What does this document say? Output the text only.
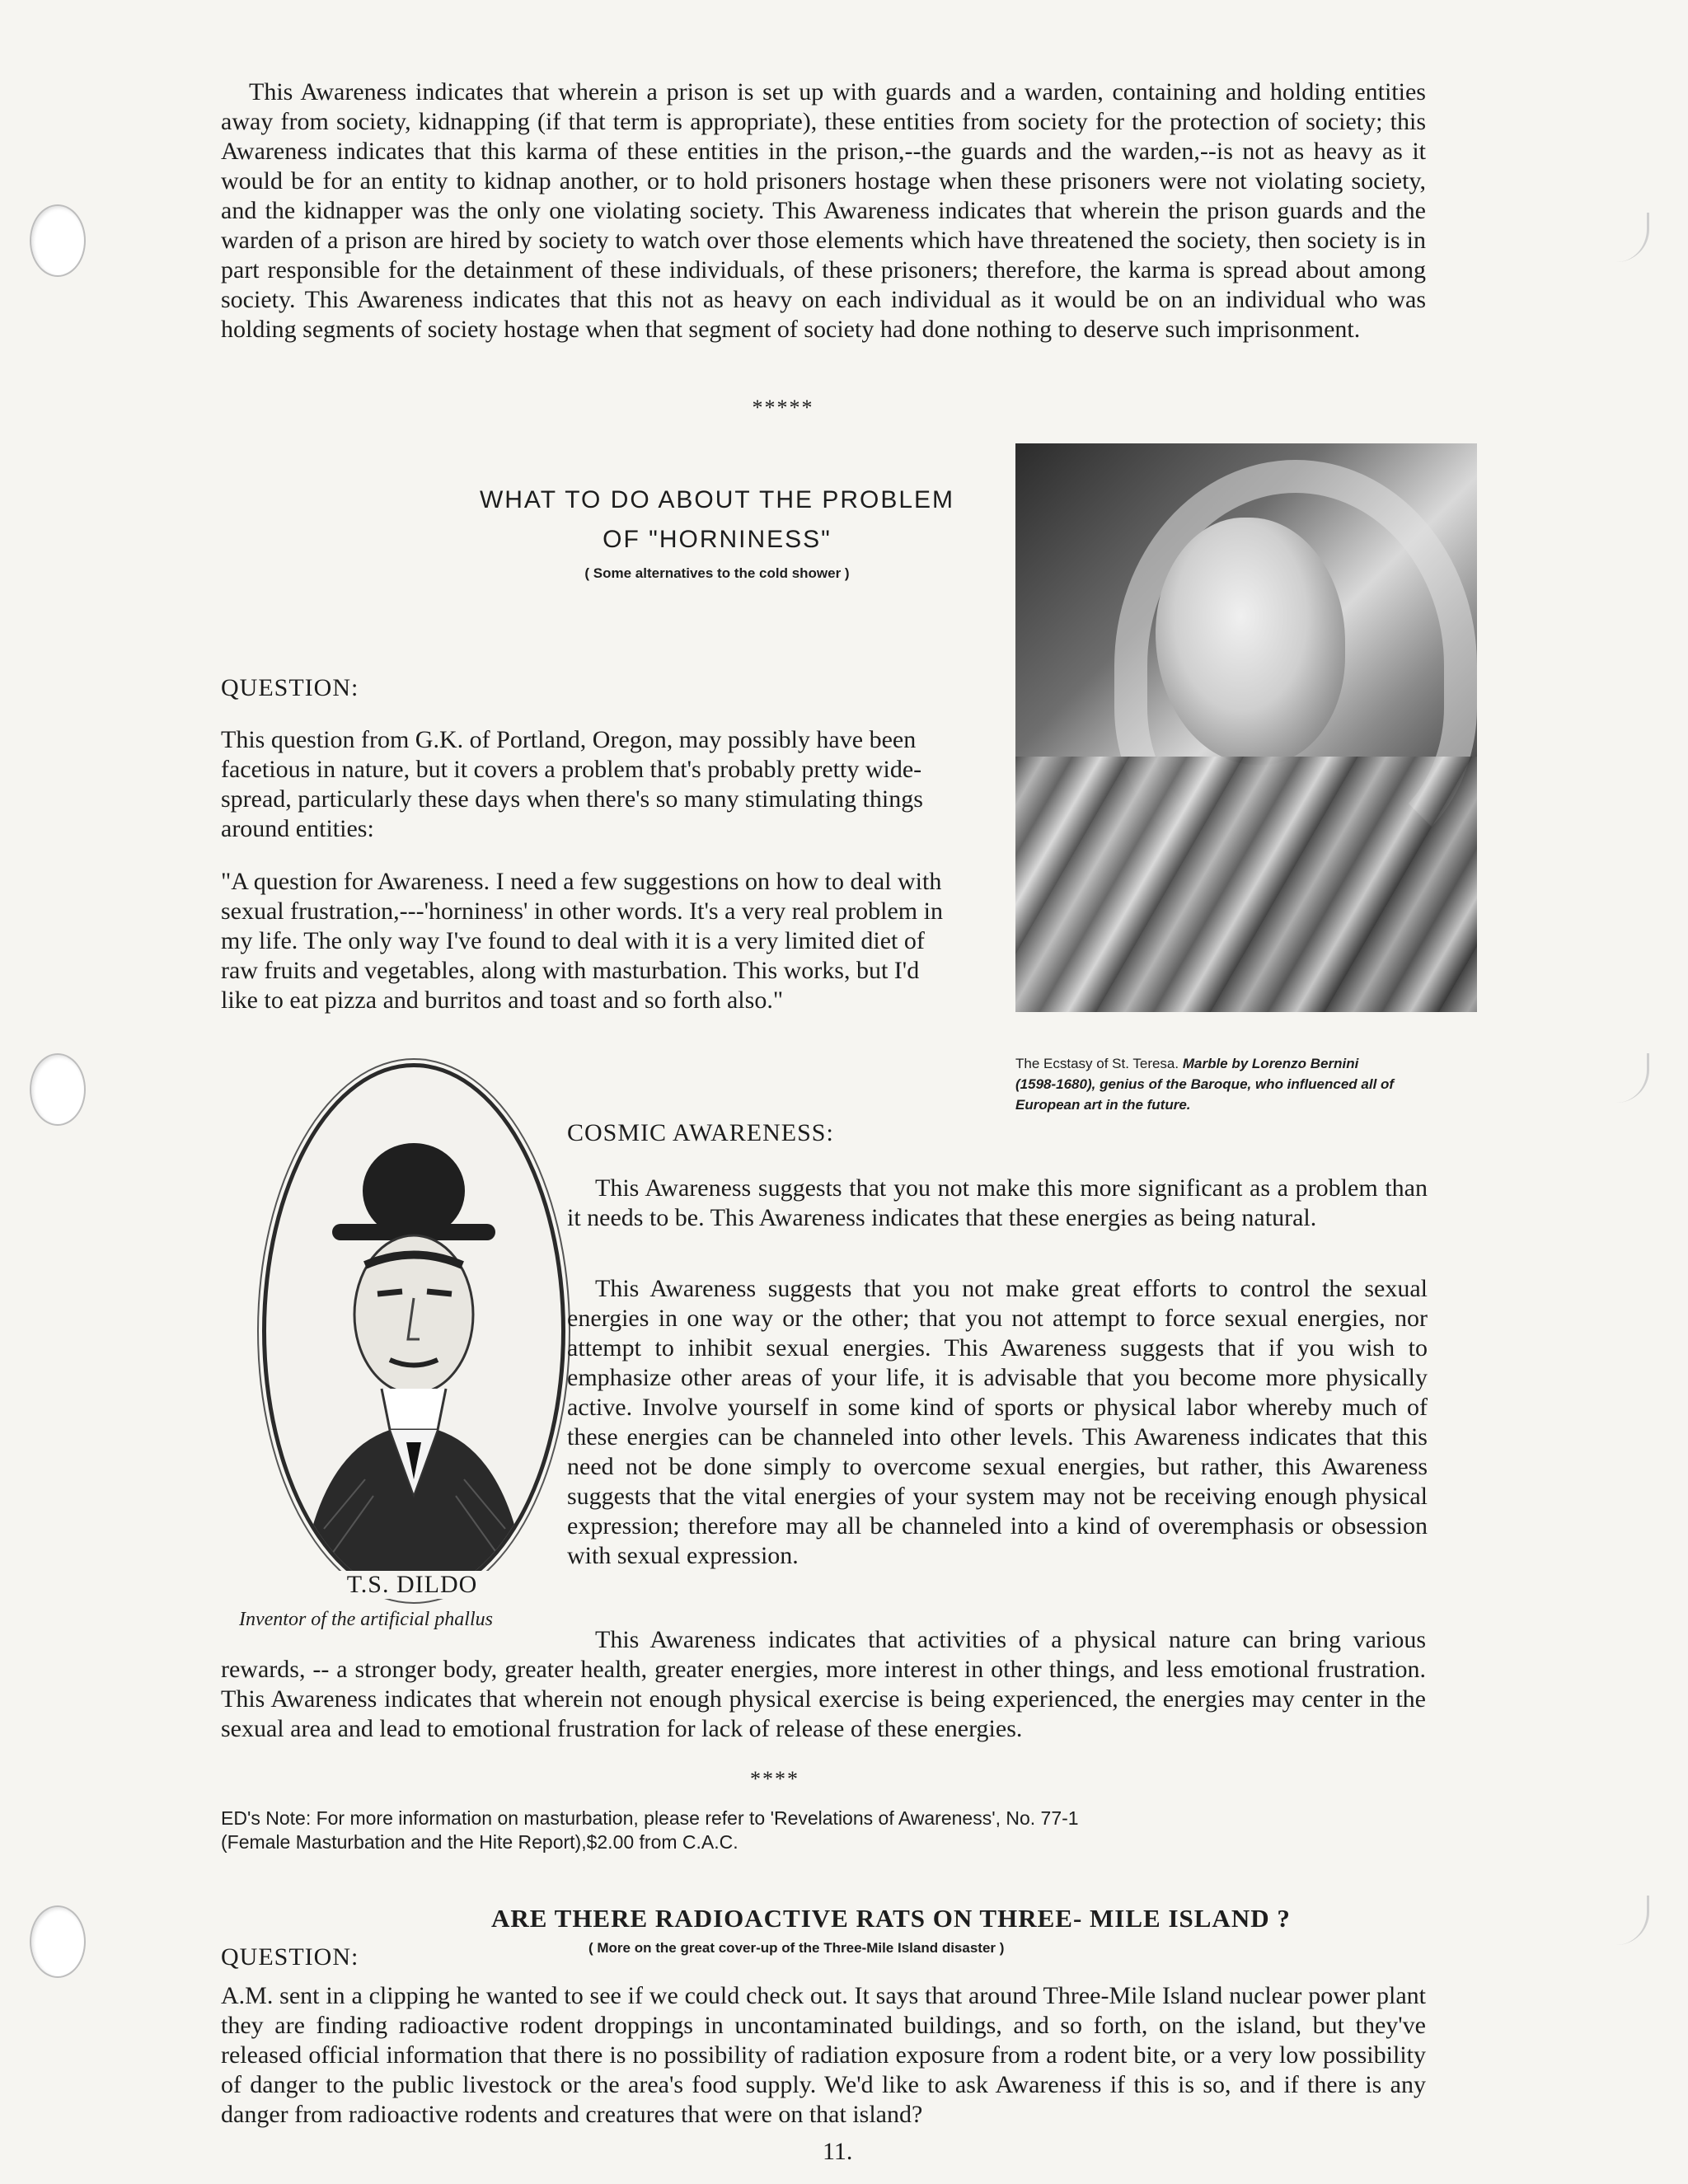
This Awareness indicates that wherein a prison is set up with guards and a warden, containing and holding entities away from society, kidnapping (if that term is appropriate), these entities from society for the protection of society; this Awareness indicates that this karma of these entities in the prison,--the guards and the warden,--is not as heavy as it would be for an entity to kidnap another, or to hold prisoners hostage when these prisoners were not violating society, and the kidnapper was the only one violating society. This Awareness indicates that wherein the prison guards and the warden of a prison are hired by society to watch over those elements which have threatened the society, then society is in part responsible for the detainment of these individuals, of these prisoners; therefore, the karma is spread about among society. This Awareness indicates that this not as heavy on each individual as it would be on an individual who was holding segments of society hostage when that segment of society had done nothing to deserve such imprisonment.

*****
WHAT TO DO ABOUT THE PROBLEM
OF "HORNINESS"
( Some alternatives to the cold shower )
QUESTION:

This question from G.K. of Portland, Oregon, may possibly have been facetious in nature, but it covers a problem that's probably pretty wide-spread, particularly these days when there's so many stimulating things around entities:

"A question for Awareness. I need a few suggestions on how to deal with sexual frustration,---'horniness' in other words. It's a very real problem in my life. The only way I've found to deal with it is a very limited diet of raw fruits and vegetables, along with masturbation. This works, but I'd like to eat pizza and burritos and toast and so forth also."

The Ecstasy of St. Teresa. Marble by Lorenzo Bernini (1598-1680), genius of the Baroque, who influenced all of European art in the future.
T.S. DILDO
Inventor of the artificial phallus
COSMIC AWARENESS:

This Awareness suggests that you not make this more significant as a problem than it needs to be. This Awareness indicates that these energies as being natural.

This Awareness suggests that you not make great efforts to control the sexual energies in one way or the other; that you not attempt to force sexual energies, nor attempt to inhibit sexual energies. This Awareness suggests that if you wish to emphasize other areas of your life, it is advisable that you become more physically active. Involve yourself in some kind of sports or physical labor whereby much of these energies can be channeled into other levels. This Awareness indicates that this need not be done simply to overcome sexual energies, but rather, this Awareness suggests that the vital energies of your system may not be receiving enough physical expression; therefore may all be channeled into a kind of overemphasis or obsession with sexual expression.

This Awareness indicates that activities of a physical nature can bring various rewards, -- a stronger body, greater health, greater energies, more interest in other things, and less emotional frustration. This Awareness indicates that wherein not enough physical exercise is being experienced, the energies may center in the sexual area and lead to emotional frustration for lack of release of these energies.

****
ED's Note: For more information on masturbation, please refer to 'Revelations of Awareness', No. 77-1 (Female Masturbation and the Hite Report),$2.00 from C.A.C.
ARE THERE RADIOACTIVE RATS ON THREE- MILE ISLAND ?
( More on the great cover-up of the Three-Mile Island disaster )
QUESTION:

A.M. sent in a clipping he wanted to see if we could check out. It says that around Three-Mile Island nuclear power plant they are finding radioactive rodent droppings in uncontaminated buildings, and so forth, on the island, but they've released official information that there is no possibility of radiation exposure from a rodent bite, or a very low possibility of danger to the public livestock or the area's food supply. We'd like to ask Awareness if this is so, and if there is any danger from radioactive rodents and creatures that were on that island?

11.
